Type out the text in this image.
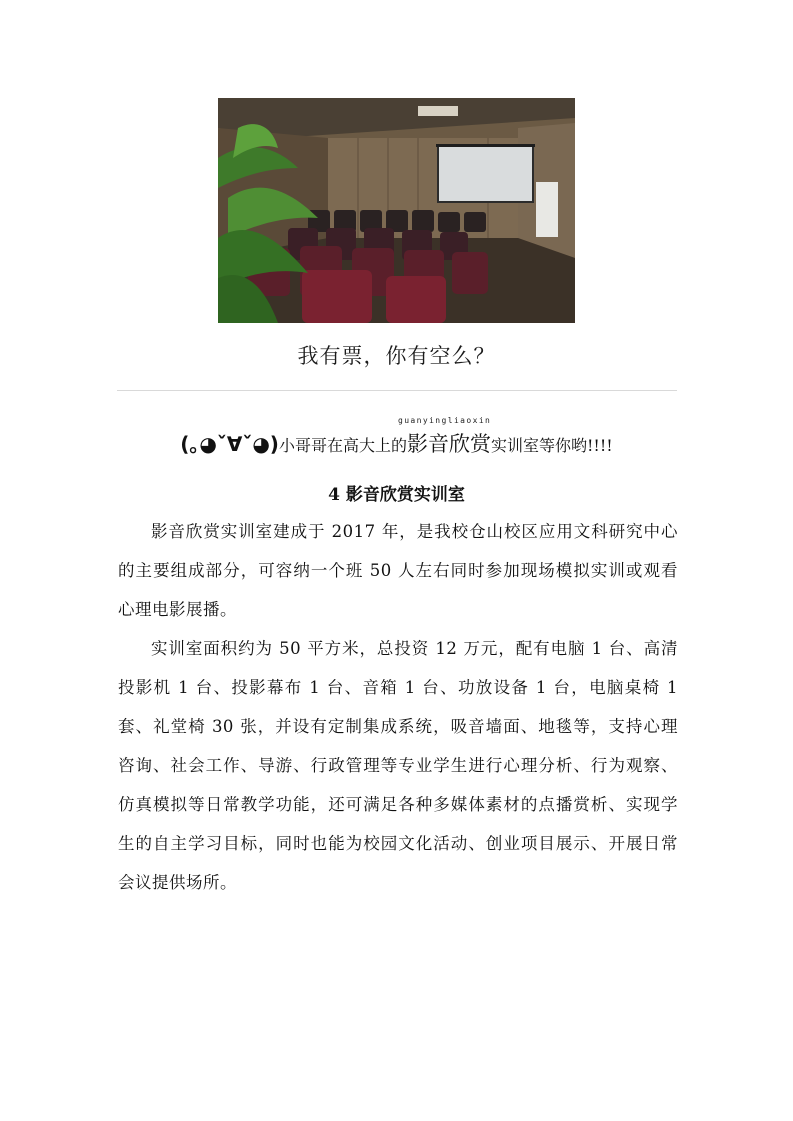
我有票，你有空么？
guanyingliaoxin
(｡◕ˇ∀ˇ◕)小哥哥在高大上的影音欣赏实训室等你哟!!!!
4 影音欣赏实训室

影音欣赏实训室建成于 2017 年，是我校仓山校区应用文科研究中心的主要组成部分，可容纳一个班 50 人左右同时参加现场模拟实训或观看心理电影展播。

实训室面积约为 50 平方米，总投资 12 万元，配有电脑 1 台、高清投影机 1 台、投影幕布 1 台、音箱 1 台、功放设备 1 台，电脑桌椅 1 套、礼堂椅 30 张，并设有定制集成系统，吸音墙面、地毯等，支持心理咨询、社会工作、导游、行政管理等专业学生进行心理分析、行为观察、仿真模拟等日常教学功能，还可满足各种多媒体素材的点播赏析、实现学生的自主学习目标，同时也能为校园文化活动、创业项目展示、开展日常会议提供场所。
